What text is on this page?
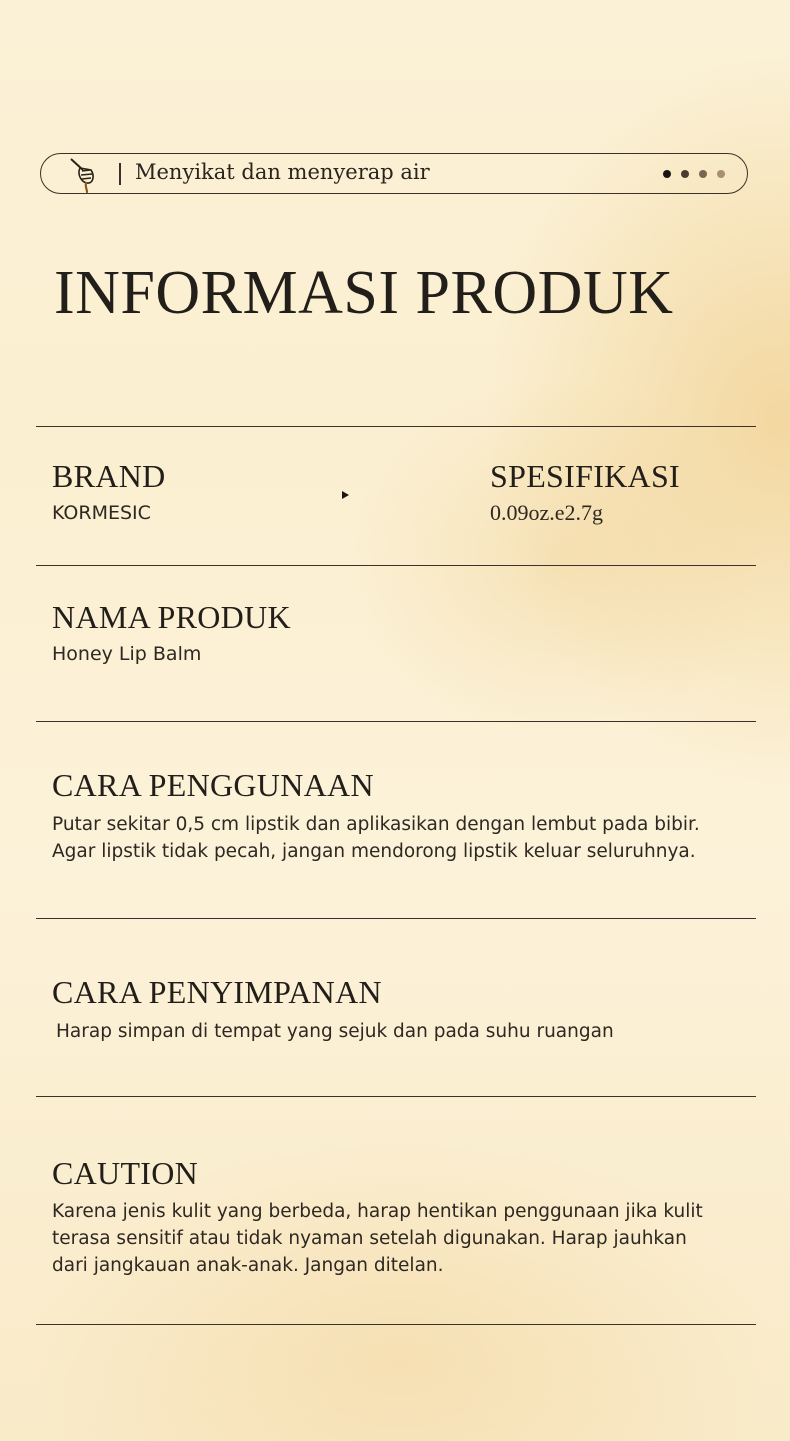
Menyikat dan menyerap air
INFORMASI PRODUK
BRAND
KORMESIC
SPESIFIKASI
0.09oz.e2.7g
NAMA PRODUK
Honey Lip Balm
CARA PENGGUNAAN
Putar sekitar 0,5 cm lipstik dan aplikasikan dengan lembut pada bibir.
Agar lipstik tidak pecah, jangan mendorong lipstik keluar seluruhnya.
CARA PENYIMPANAN
Harap simpan di tempat yang sejuk dan pada suhu ruangan
CAUTION
Karena jenis kulit yang berbeda, harap hentikan penggunaan jika kulit
terasa sensitif atau tidak nyaman setelah digunakan. Harap jauhkan
dari jangkauan anak-anak. Jangan ditelan.
